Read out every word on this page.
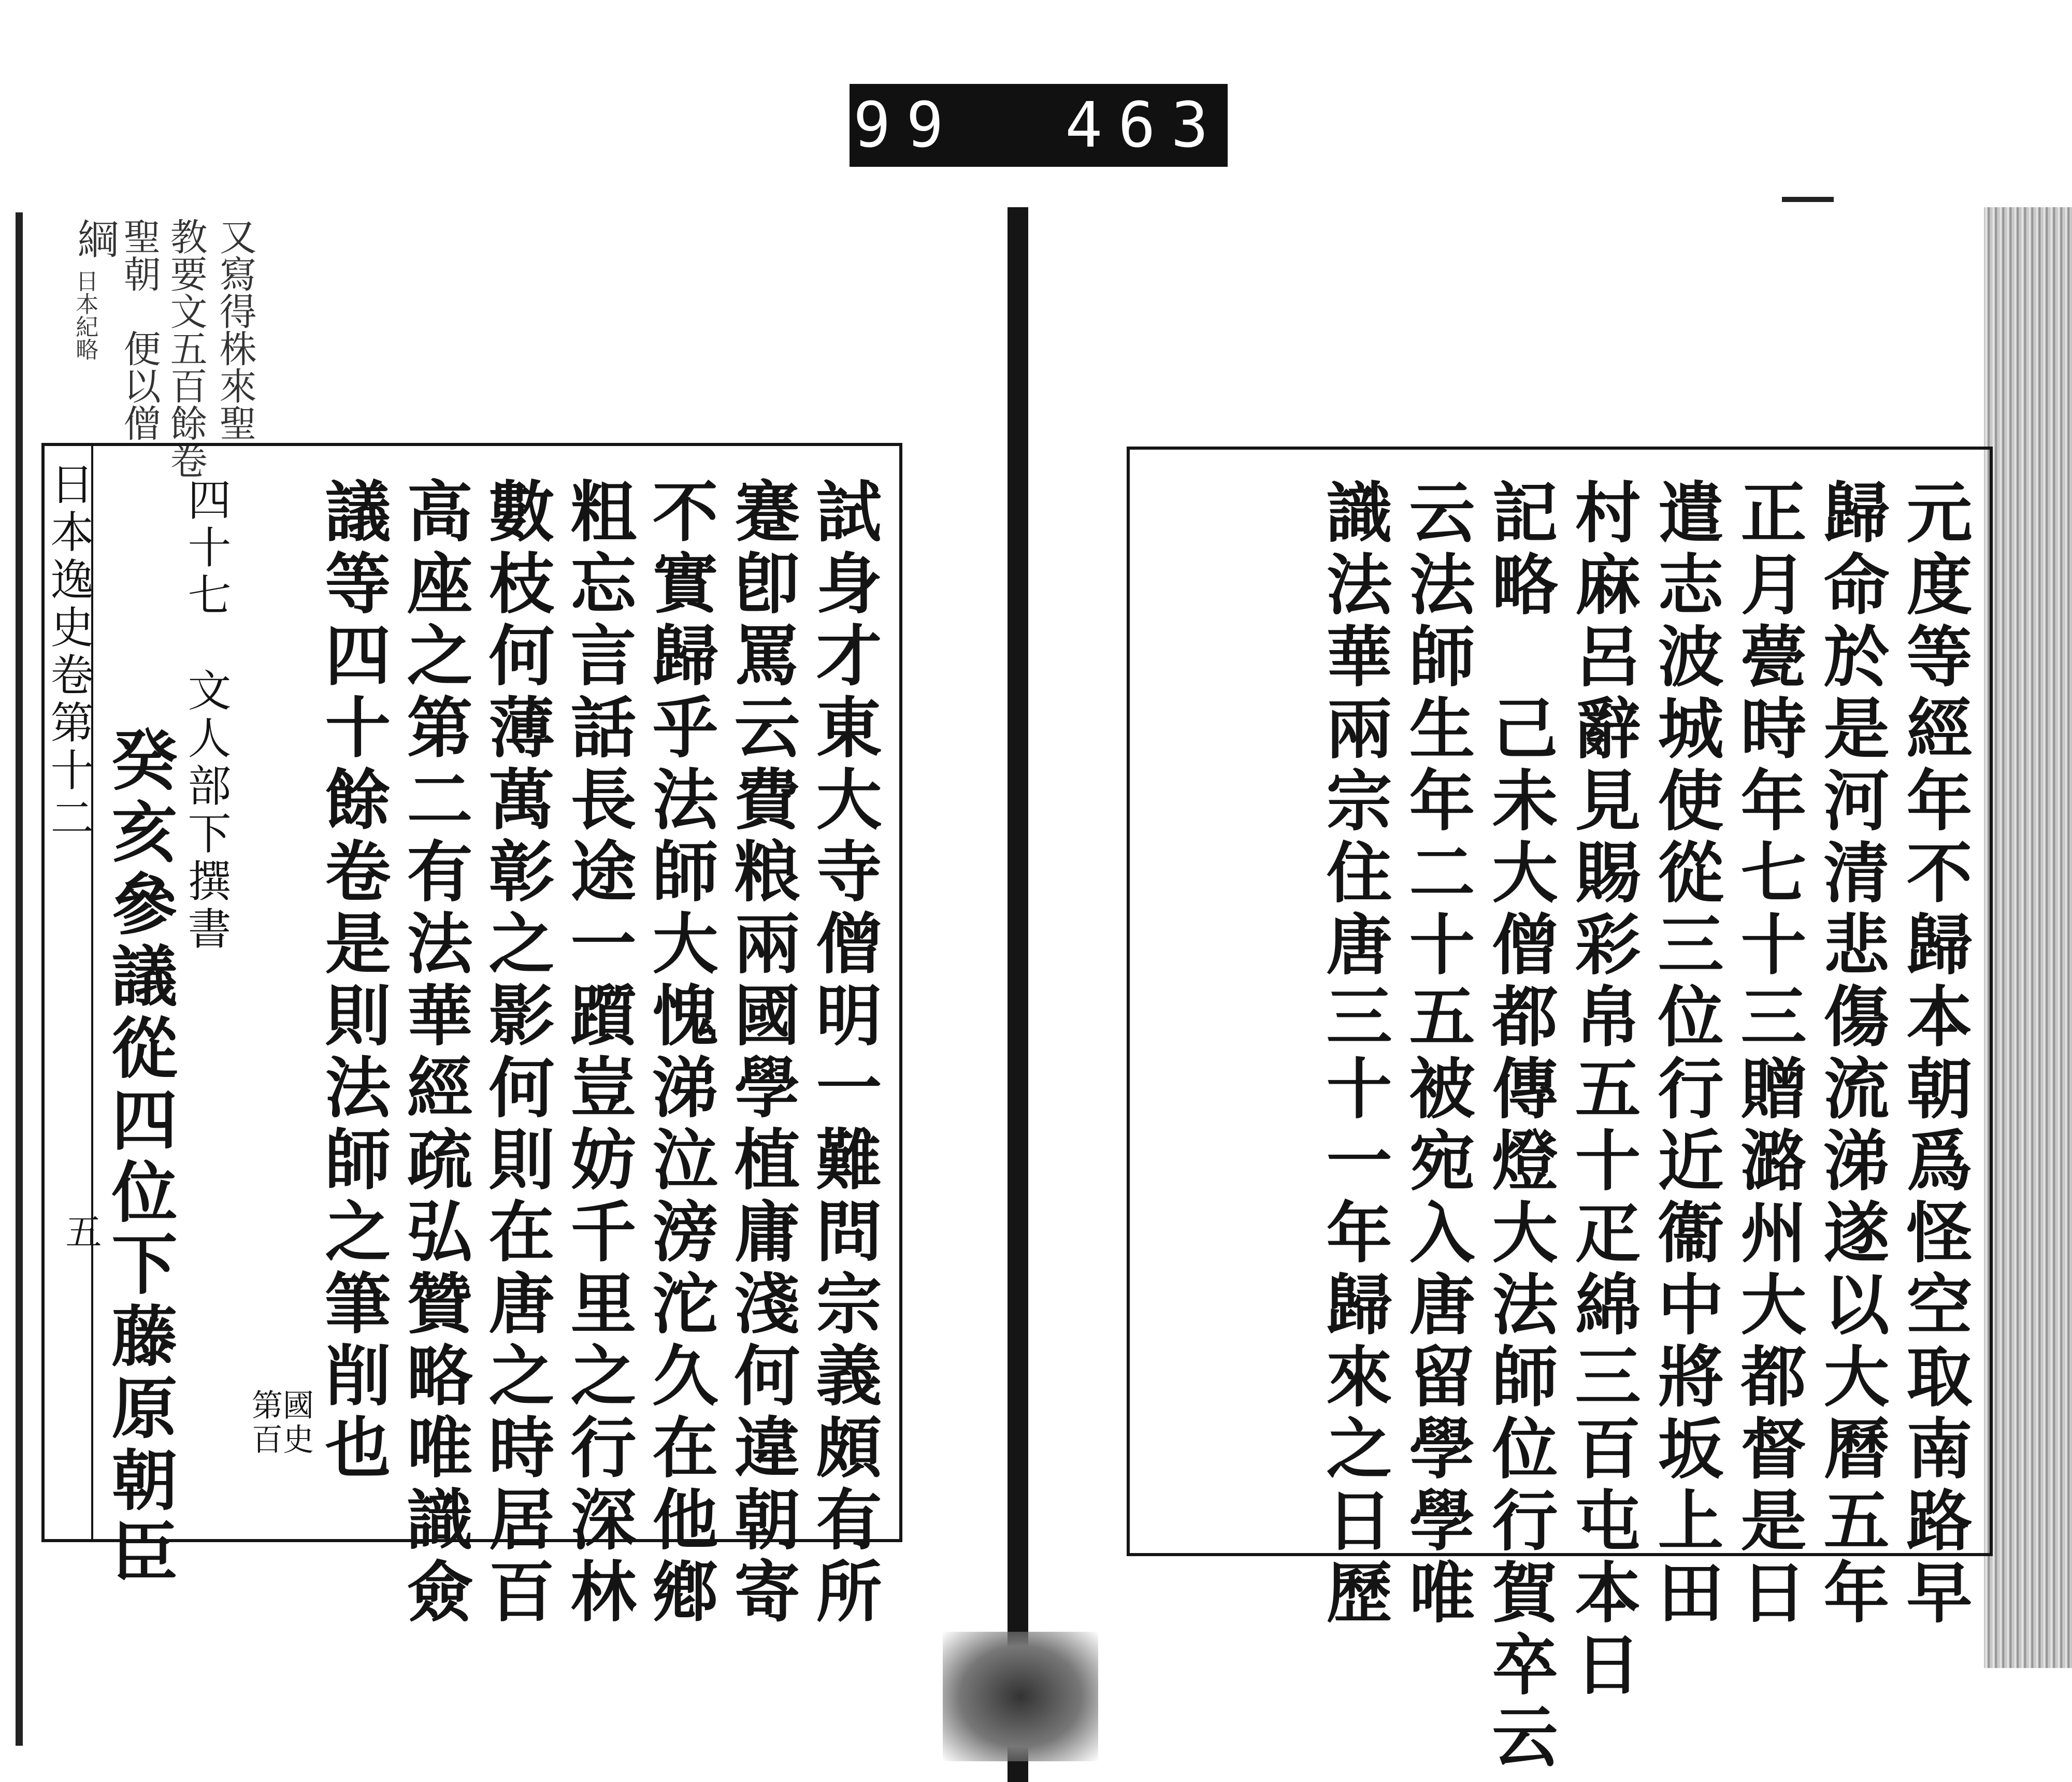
699  463.
又寫得株來聖
教要文五百餘卷
聖朝　便以僧
綱
日本紀略
日本逸史卷第十二
五	試身才東大寺僧明一難問宗義頗有所
蹇卽罵云費粮兩國學植庸淺何違朝寄
不實歸乎法師大愧涕泣滂沱久在他鄕
粗忘言話長途一躓豈妨千里之行深林
數枝何薄萬彰之影何則在唐之時居百
高座之第二有法華經疏弘贊略唯識僉
議等四十餘卷是則法師之筆削也
國史
第百
四十七　文人部下撰書
癸亥參議從四位下藤原朝臣	元度等經年不歸本朝爲怪空取南路早
歸命於是河清悲傷流涕遂以大曆五年
正月甍時年七十三贈潞州大都督是日
遣志波城使從三位行近衞中將坂上田
村麻呂辭見賜彩帛五十疋綿三百屯本日
記略　己未大僧都傳燈大法師位行賀卒云
云法師生年二十五被宛入唐留學學唯
識法華兩宗住唐三十一年歸來之日歷
